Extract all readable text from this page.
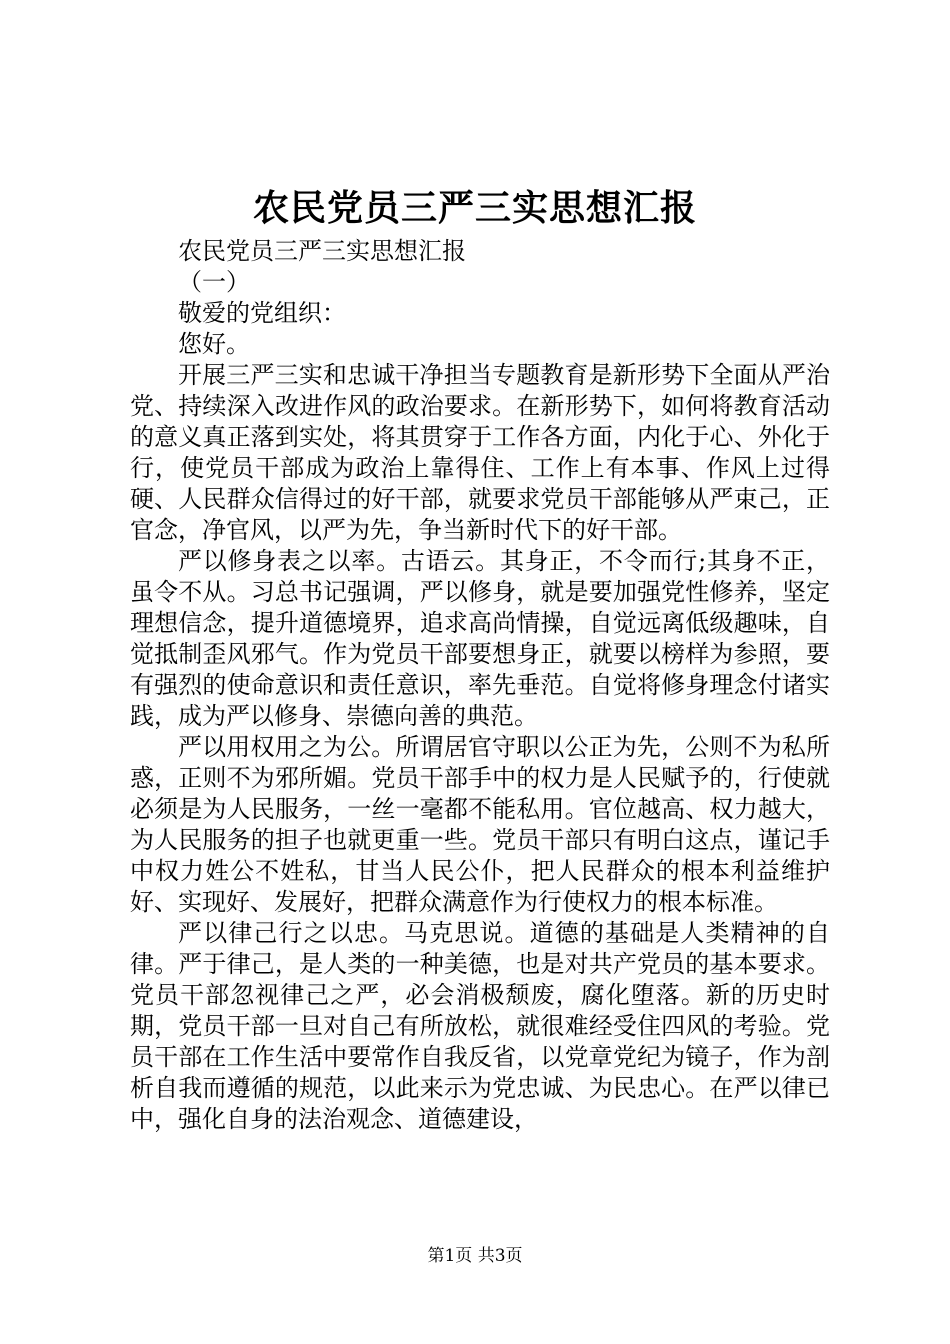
农民党员三严三实思想汇报

农民党员三严三实思想汇报

（一）

敬爱的党组织：

您好。

开展三严三实和忠诚干净担当专题教育是新形势下全面从严治党、持续深入改进作风的政治要求。在新形势下，如何将教育活动的意义真正落到实处，将其贯穿于工作各方面，内化于心、外化于行，使党员干部成为政治上靠得住、工作上有本事、作风上过得硬、人民群众信得过的好干部，就要求党员干部能够从严束己，正官念，净官风，以严为先，争当新时代下的好干部。

严以修身表之以率。古语云。其身正，不令而行;其身不正，虽令不从。习总书记强调，严以修身，就是要加强党性修养，坚定理想信念，提升道德境界，追求高尚情操，自觉远离低级趣味，自觉抵制歪风邪气。作为党员干部要想身正，就要以榜样为参照，要有强烈的使命意识和责任意识，率先垂范。自觉将修身理念付诸实践，成为严以修身、崇德向善的典范。

严以用权用之为公。所谓居官守职以公正为先，公则不为私所惑，正则不为邪所媚。党员干部手中的权力是人民赋予的，行使就必须是为人民服务，一丝一毫都不能私用。官位越高、权力越大，为人民服务的担子也就更重一些。党员干部只有明白这点，谨记手中权力姓公不姓私，甘当人民公仆，把人民群众的根本利益维护好、实现好、发展好，把群众满意作为行使权力的根本标准。

严以律己行之以忠。马克思说。道德的基础是人类精神的自律。严于律己，是人类的一种美德，也是对共产党员的基本要求。党员干部忽视律己之严，必会消极颓废，腐化堕落。新的历史时期，党员干部一旦对自己有所放松，就很难经受住四风的考验。党员干部在工作生活中要常作自我反省，以党章党纪为镜子，作为剖析自我而遵循的规范，以此来示为党忠诚、为民忠心。在严以律已中，强化自身的法治观念、道德建设，

第1页 共3页
